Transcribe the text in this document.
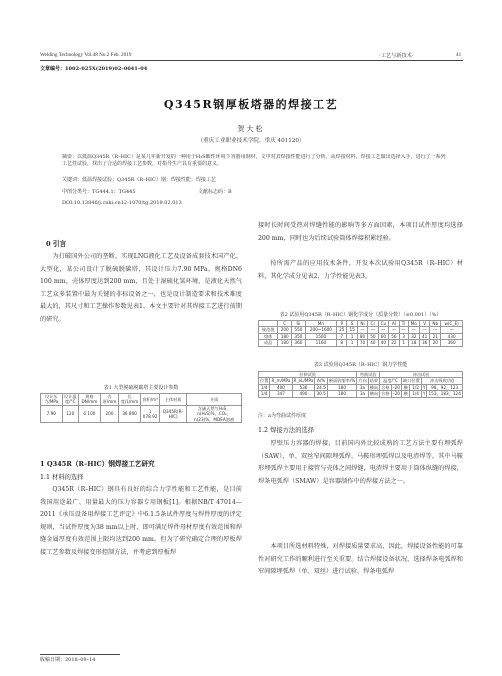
Welding Technology Vol.48 No.2 Feb. 2019	·工艺与新技术·	41
文章编号：1002–025X(2019)02–0041–04
Q345R钢厚板塔器的焊接工艺
贺大松
（重庆工业职业技术学院，重庆 401120）
摘要：以低温Q345R（R–HIC）是某几年新开发的一种用于H₂S酸性环境下容器用钢材，文中对其焊接性能进行了分析，从焊接材料、焊接工艺做出选择入手，进行了一系列工艺性试验，找出了合适的焊接工艺参数，对指导生产具有重要的意义。
关键词：低温焊接试验；Q345R（R–HIC）钢；焊接性能；焊接工艺
中图分类号：TG444.1；TG445	文献标志码：B
DOI:10.13846/j.cnki.cn12-1070/tg.2019.02.013
0 引言

为打破国外公司的垄断，实现LNG液化工艺及设备成套技术国产化、大型化，某公司设计了脱硫脱碳塔，其设计压力7.90 MPa，规格DN6 100 mm，壳体厚度达到200 mm，且处于湿硫化氢环境，是液化天然气工艺众多装置中最为关键的非标设备之一，也是设计制造要求和技术难度最大的，其尺寸和工艺操作参数见表1。本文主要针对其焊接工艺进行前期的研究。

表1 大型脱硫脱碳塔主要设计参数
设计压力/MPa	设计温度/°C	规格DN/mm	壳厚/mm	长度/L/mm	容积/m³	主体材质	介质
7.90	120	6 100	200	36 800	1 078.92	Q345R(R–HIC)	含硫天然气H₂S，n(H₂S)%，CO₂，n(23)%，MDEA溶液
1 Q345R（R–HIC）钢焊接工艺研究
1.1 材料的选择

Q345R（R–HIC）钢具有良好的综合力学性能和工艺性能，是目前我国用途最广、用量最大的压力容器专用钢板[1]。根据NB/T 47014—2011《承压设备用焊接工艺评定》中6.1.5条试件厚度与焊件厚度的评定规则，当试件厚度为38 mm以上时，即可满足焊件母材厚度有效范围和焊缝金属厚度有效范围上限均达到200 mm。但为了研究确定合理的厚板焊接工艺参数及焊接变形控制方法，并考虑到厚板焊

收稿日期：2018–09–14
接时长时间受热对焊缝性能的影响等多方面因素，本项目试件厚度均选择200 mm，同时也为后续试验筒体焊接积累经验。

按所需产品的应用技术条件，开发本次试验用Q345R（R–HIC）材料，其化学成分见表2，力学性能见表3。

表2 试验用Q345R（R–HIC）钢化学成分（质量分数）（≤0.001）（%）
	C	Si	Mn	P	S	Ni	Cr	Cu	Al	Ti	Mo	V	Nb	w(C_E)
规范值	200	550	200~1600	25	15	—	—	—	—	—	—	—	—	—
熔炼	180	350	1500	7	1	80	50	60	56	3	32	41	21	430
成品	180	360	1160	8	1	70	40	40	22	1	18	36	20	360
表3 试验用Q345R（R–HIC）钢力学性能
拉伸试验					弯曲试验		冲击试验					
位置	R_m/MPa	R_eL/MPa	A/%	断面收缩率/%	方向	结果	温度/°C		缺口位置		冲击吸收功/J	
1/4	400	536	24.5	180	3a	横向	合格	–20	横	1/2	Y	98，92，123
1/4	347	490	30.5	180	3a	横向	合格	–20	横	1/4	Y	153，183，124
注：a为弯曲试件厚度
1.2 焊接方法的选择

厚壁压力容器的焊接，目前国内外比较成熟的工艺方法主要有埋弧焊（SAW）、单、双丝窄间隙埋弧焊、马鞍形埋弧焊以及电渣焊等。其中马鞍形埋弧焊主要用于接管与壳体之间焊缝，电渣焊主要用于筒体纵缝的焊接，焊条电弧焊（SMAW）是容器制作中的焊接方法之一。

本项目所选材料特殊，对焊接质量要求高，因此，焊接设备性能的可靠性对研究工作的顺利进行至关重要。结合焊接设备状况，选择焊条电弧焊和窄间隙埋弧焊（单、双丝）进行试验。焊条电弧焊
